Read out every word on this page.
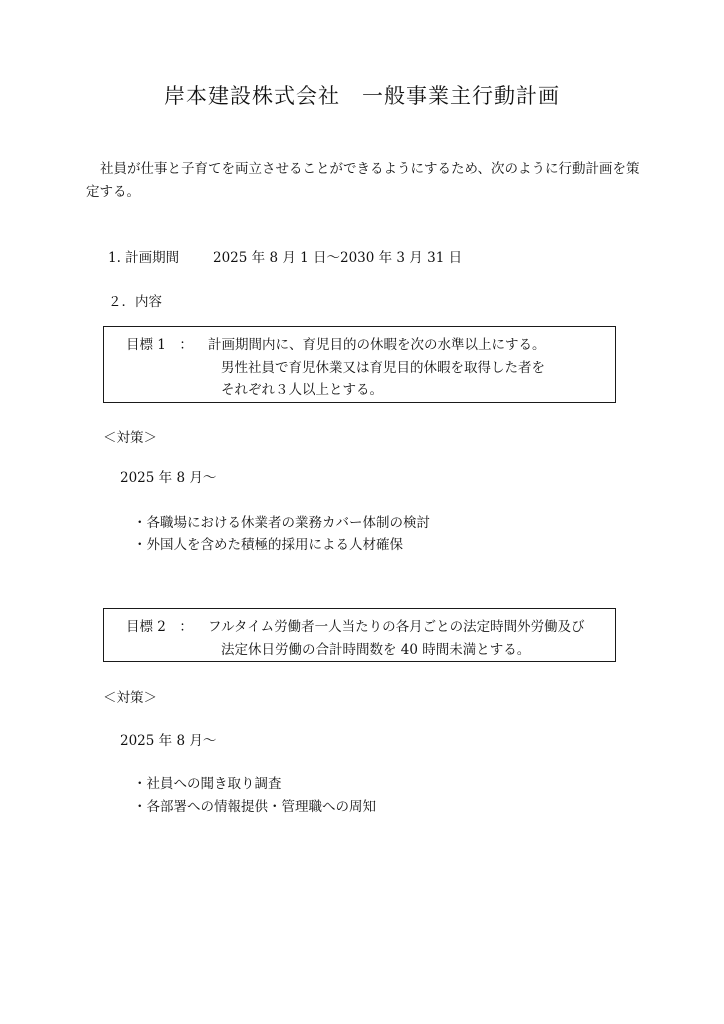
岸本建設株式会社　一般事業主行動計画
社員が仕事と子育てを両立させることができるようにするため、次のように行動計画を策定する。
1. 計画期間	2025 年 8 月 1 日～2030 年 3 月 31 日
２．内容
目標 1　： 計画期間内に、育児目的の休暇を次の水準以上にする。
男性社員で育児休業又は育児目的休暇を取得した者を
それぞれ３人以上とする。
＜対策＞
2025 年 8 月～
・各職場における休業者の業務カバー体制の検討
・外国人を含めた積極的採用による人材確保
目標 2　： フルタイム労働者一人当たりの各月ごとの法定時間外労働及び
法定休日労働の合計時間数を 40 時間未満とする。
＜対策＞
2025 年 8 月～
・社員への聞き取り調査
・各部署への情報提供・管理職への周知
